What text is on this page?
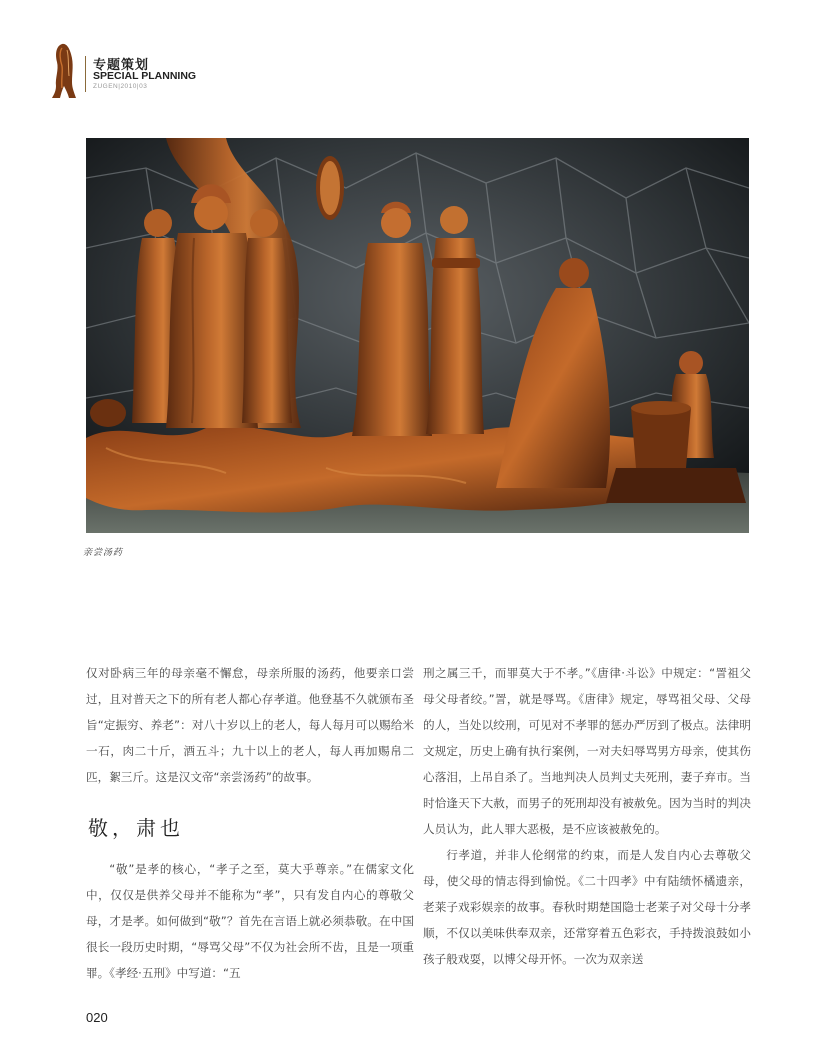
专题策划
SPECIAL PLANNING
ZUGEN|2010|03
亲尝汤药

仅对卧病三年的母亲毫不懈怠，母亲所服的汤药，他要亲口尝过，且对普天之下的所有老人都心存孝道。他登基不久就颁布圣旨“定振穷、养老”：对八十岁以上的老人，每人每月可以赐给米一石，肉二十斤，酒五斗；九十以上的老人，每人再加赐帛二匹，絮三斤。这是汉文帝“亲尝汤药”的故事。

敬，肃也

“敬”是孝的核心，“孝子之至，莫大乎尊亲。”在儒家文化中，仅仅是供养父母并不能称为“孝”，只有发自内心的尊敬父母，才是孝。如何做到“敬”？首先在言语上就必须恭敬。在中国很长一段历史时期，“辱骂父母”不仅为社会所不齿，且是一项重罪。《孝经·五刑》中写道：“五

刑之属三千，而罪莫大于不孝。”《唐律·斗讼》中规定：“詈祖父母父母者绞。”詈，就是辱骂。《唐律》规定，辱骂祖父母、父母的人，当处以绞刑，可见对不孝罪的惩办严厉到了极点。法律明文规定，历史上确有执行案例，一对夫妇辱骂男方母亲，使其伤心落泪，上吊自杀了。当地判决人员判丈夫死刑，妻子弃市。当时恰逢天下大赦，而男子的死刑却没有被赦免。因为当时的判决人员认为，此人罪大恶极，是不应该被赦免的。

行孝道，并非人伦纲常的约束，而是人发自内心去尊敬父母，使父母的情志得到愉悦。《二十四孝》中有陆绩怀橘遗亲，老莱子戏彩娱亲的故事。春秋时期楚国隐士老莱子对父母十分孝顺，不仅以美味供奉双亲，还常穿着五色彩衣，手持拨浪鼓如小孩子般戏耍，以博父母开怀。一次为双亲送

020
